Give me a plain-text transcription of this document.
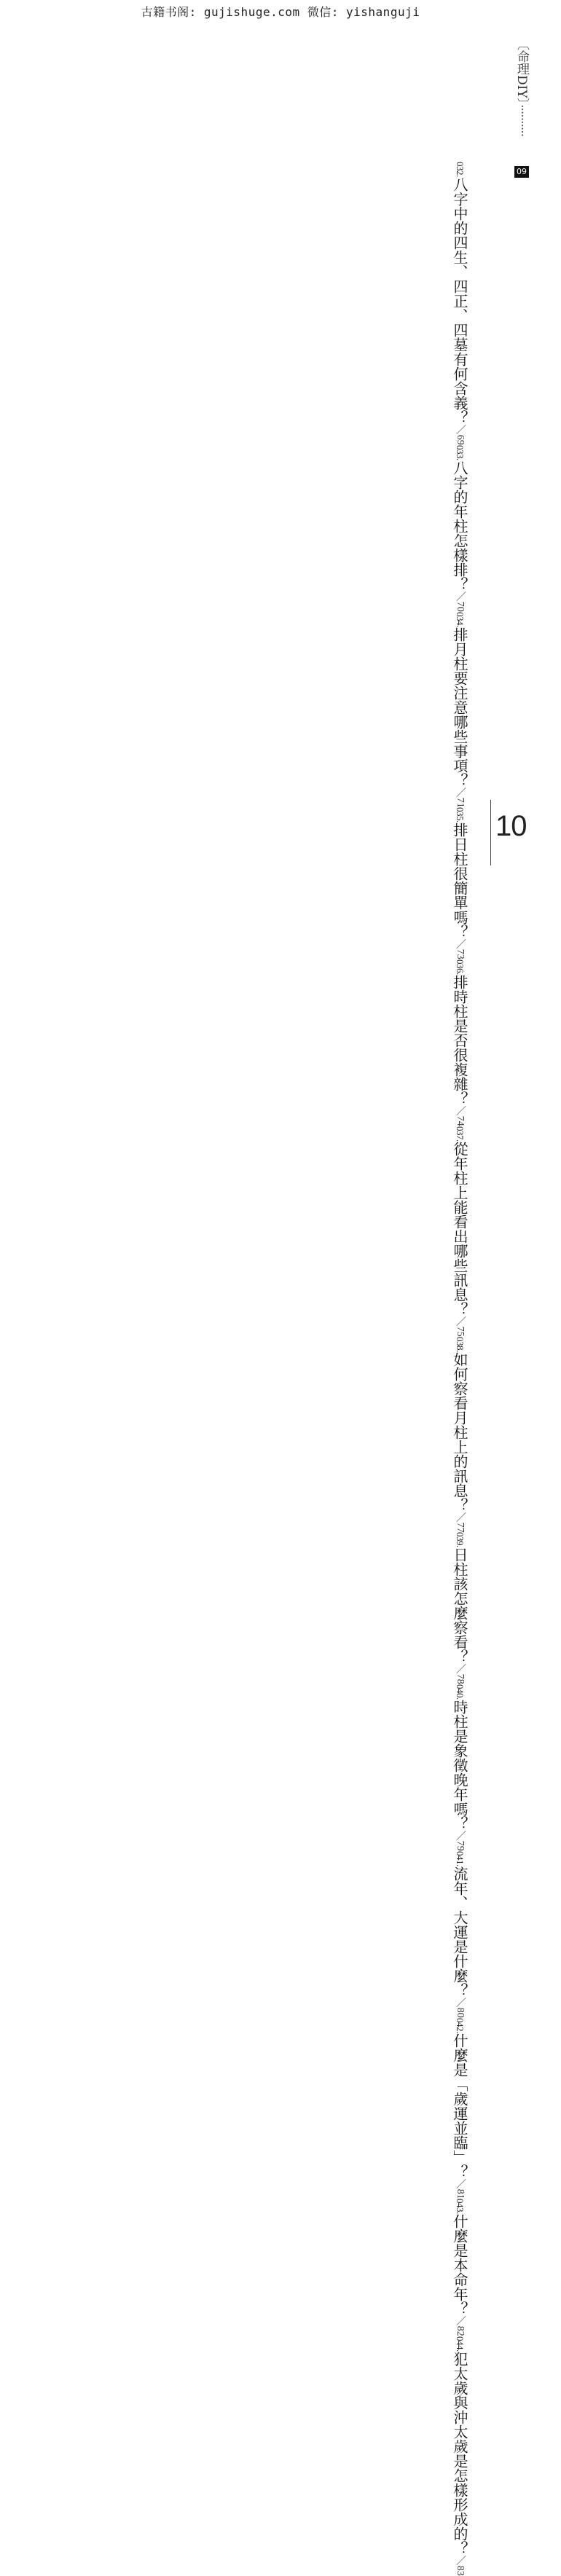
古籍书阁: gujishuge.com 微信: yishanguji
〔命理DIY〕··········
09
032.八字中的四生、四正、四墓有何含義？／69
033.八字的年柱怎樣排？／70
034.排月柱要注意哪些事項？／71
035.排日柱很簡單嗎？／73
036.排時柱是否很複雜？／74
037.從年柱上能看出哪些訊息？／75
038.如何察看月柱上的訊息？／77
039.日柱該怎麼察看？／78
040.時柱是象徵晚年嗎？／79
041.流年、大運是什麼？／80
042.什麼是「歲運並臨」？／81
043.什麼是本命年？／82
044.犯太歲與沖太歲是怎樣形成的？／83
10
